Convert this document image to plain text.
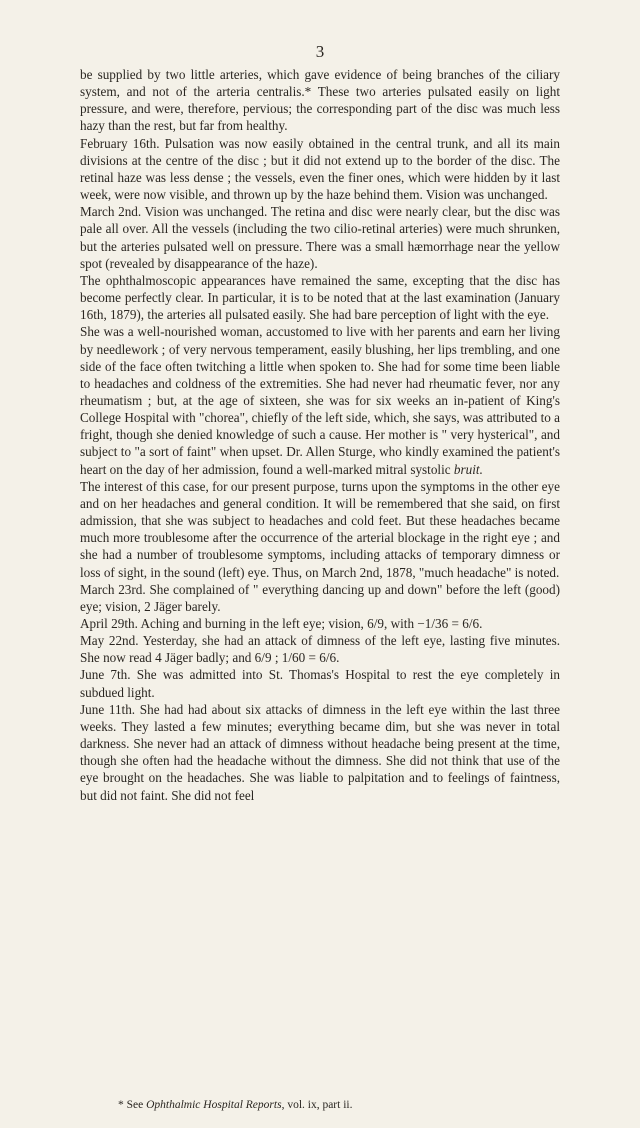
3

be supplied by two little arteries, which gave evidence of being branches of the ciliary system, and not of the arteria centralis.* These two arteries pulsated easily on light pressure, and were, therefore, pervious; the corresponding part of the disc was much less hazy than the rest, but far from healthy.

February 16th. Pulsation was now easily obtained in the central trunk, and all its main divisions at the centre of the disc ; but it did not extend up to the border of the disc. The retinal haze was less dense ; the vessels, even the finer ones, which were hidden by it last week, were now visible, and thrown up by the haze behind them. Vision was unchanged.

March 2nd. Vision was unchanged. The retina and disc were nearly clear, but the disc was pale all over. All the vessels (including the two cilio-retinal arteries) were much shrunken, but the arteries pulsated well on pressure. There was a small hæmorrhage near the yellow spot (revealed by disappearance of the haze).

The ophthalmoscopic appearances have remained the same, excepting that the disc has become perfectly clear. In particular, it is to be noted that at the last examination (January 16th, 1879), the arteries all pulsated easily. She had bare perception of light with the eye.

She was a well-nourished woman, accustomed to live with her parents and earn her living by needlework ; of very nervous temperament, easily blushing, her lips trembling, and one side of the face often twitching a little when spoken to. She had for some time been liable to headaches and coldness of the extremities. She had never had rheumatic fever, nor any rheumatism ; but, at the age of sixteen, she was for six weeks an in-patient of King's College Hospital with "chorea", chiefly of the left side, which, she says, was attributed to a fright, though she denied knowledge of such a cause. Her mother is " very hysterical", and subject to "a sort of faint" when upset. Dr. Allen Sturge, who kindly examined the patient's heart on the day of her admission, found a well-marked mitral systolic bruit.

The interest of this case, for our present purpose, turns upon the symptoms in the other eye and on her headaches and general condition. It will be remembered that she said, on first admission, that she was subject to headaches and cold feet. But these headaches became much more troublesome after the occurrence of the arterial blockage in the right eye ; and she had a number of troublesome symptoms, including attacks of temporary dimness or loss of sight, in the sound (left) eye. Thus, on March 2nd, 1878, "much headache" is noted.

March 23rd. She complained of " everything dancing up and down" before the left (good) eye; vision, 2 Jäger barely.

April 29th. Aching and burning in the left eye; vision, 6/9, with −1/36 = 6/6.

May 22nd. Yesterday, she had an attack of dimness of the left eye, lasting five minutes. She now read 4 Jäger badly; and 6/9 ; 1/60 = 6/6.

June 7th. She was admitted into St. Thomas's Hospital to rest the eye completely in subdued light.

June 11th. She had had about six attacks of dimness in the left eye within the last three weeks. They lasted a few minutes; everything became dim, but she was never in total darkness. She never had an attack of dimness without headache being present at the time, though she often had the headache without the dimness. She did not think that use of the eye brought on the headaches. She was liable to palpitation and to feelings of faintness, but did not faint. She did not feel

* See Ophthalmic Hospital Reports, vol. ix, part ii.
